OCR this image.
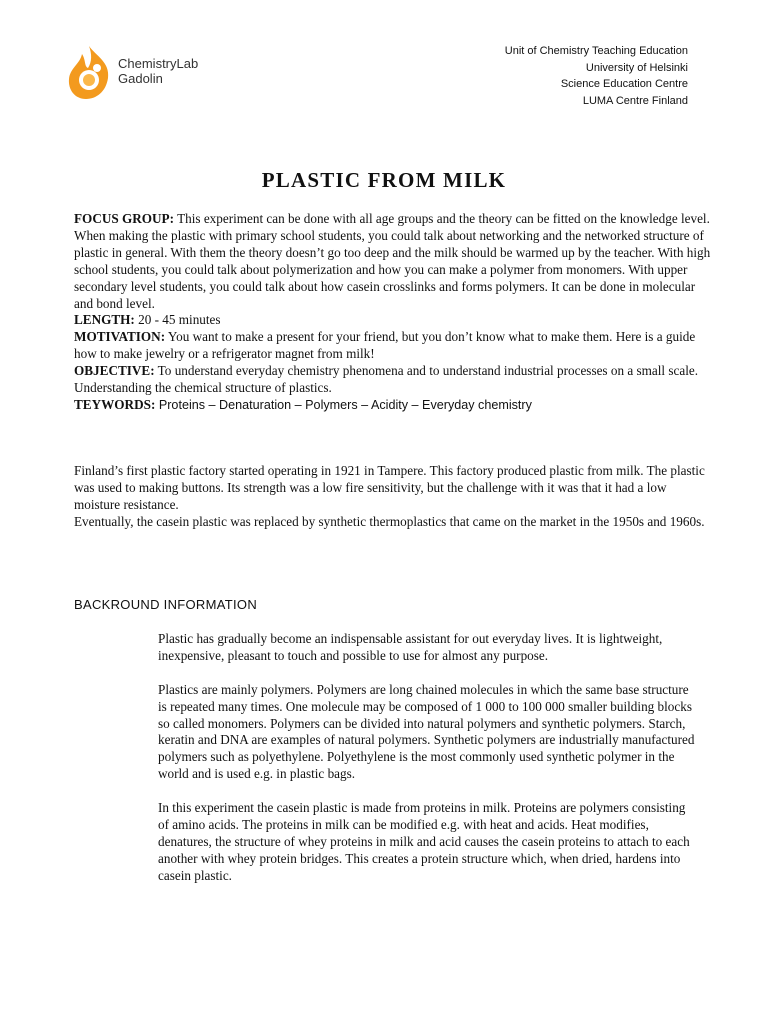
ChemistryLab
Gadolin
Unit of Chemistry Teaching Education
University of Helsinki
Science Education Centre
LUMA Centre Finland
PLASTIC FROM MILK

FOCUS GROUP: This experiment can be done with all age groups and the theory can be fitted on the knowledge level. When making the plastic with primary school students, you could talk about networking and the networked structure of plastic in general. With them the theory doesn’t go too deep and the milk should be warmed up by the teacher. With high school students, you could talk about polymerization and how you can make a polymer from monomers. With upper secondary level students, you could talk about how casein crosslinks and forms polymers. It can be done in molecular and bond level.

LENGTH: 20 - 45 minutes

MOTIVATION: You want to make a present for your friend, but you don’t know what to make them. Here is a guide how to make jewelry or a refrigerator magnet from milk!

OBJECTIVE: To understand everyday chemistry phenomena and to understand industrial processes on a small scale. Understanding the chemical structure of plastics.

TEYWORDS: Proteins – Denaturation – Polymers – Acidity – Everyday chemistry

Finland’s first plastic factory started operating in 1921 in Tampere. This factory produced plastic from milk. The plastic was used to making buttons. Its strength was a low fire sensitivity, but the challenge with it was that it had a low moisture resistance.

Eventually, the casein plastic was replaced by synthetic thermoplastics that came on the market in the 1950s and 1960s.

BACKROUND INFORMATION

Plastic has gradually become an indispensable assistant for out everyday lives. It is lightweight, inexpensive, pleasant to touch and possible to use for almost any purpose.

Plastics are mainly polymers. Polymers are long chained molecules in which the same base structure is repeated many times. One molecule may be composed of 1 000 to 100 000 smaller building blocks so called monomers. Polymers can be divided into natural polymers and synthetic polymers. Starch, keratin and DNA are examples of natural polymers. Synthetic polymers are industrially manufactured polymers such as polyethylene. Polyethylene is the most commonly used synthetic polymer in the world and is used e.g. in plastic bags.

In this experiment the casein plastic is made from proteins in milk. Proteins are polymers consisting of amino acids. The proteins in milk can be modified e.g. with heat and acids. Heat modifies, denatures, the structure of whey proteins in milk and acid causes the casein proteins to attach to each another with whey protein bridges. This creates a protein structure which, when dried, hardens into casein plastic.
